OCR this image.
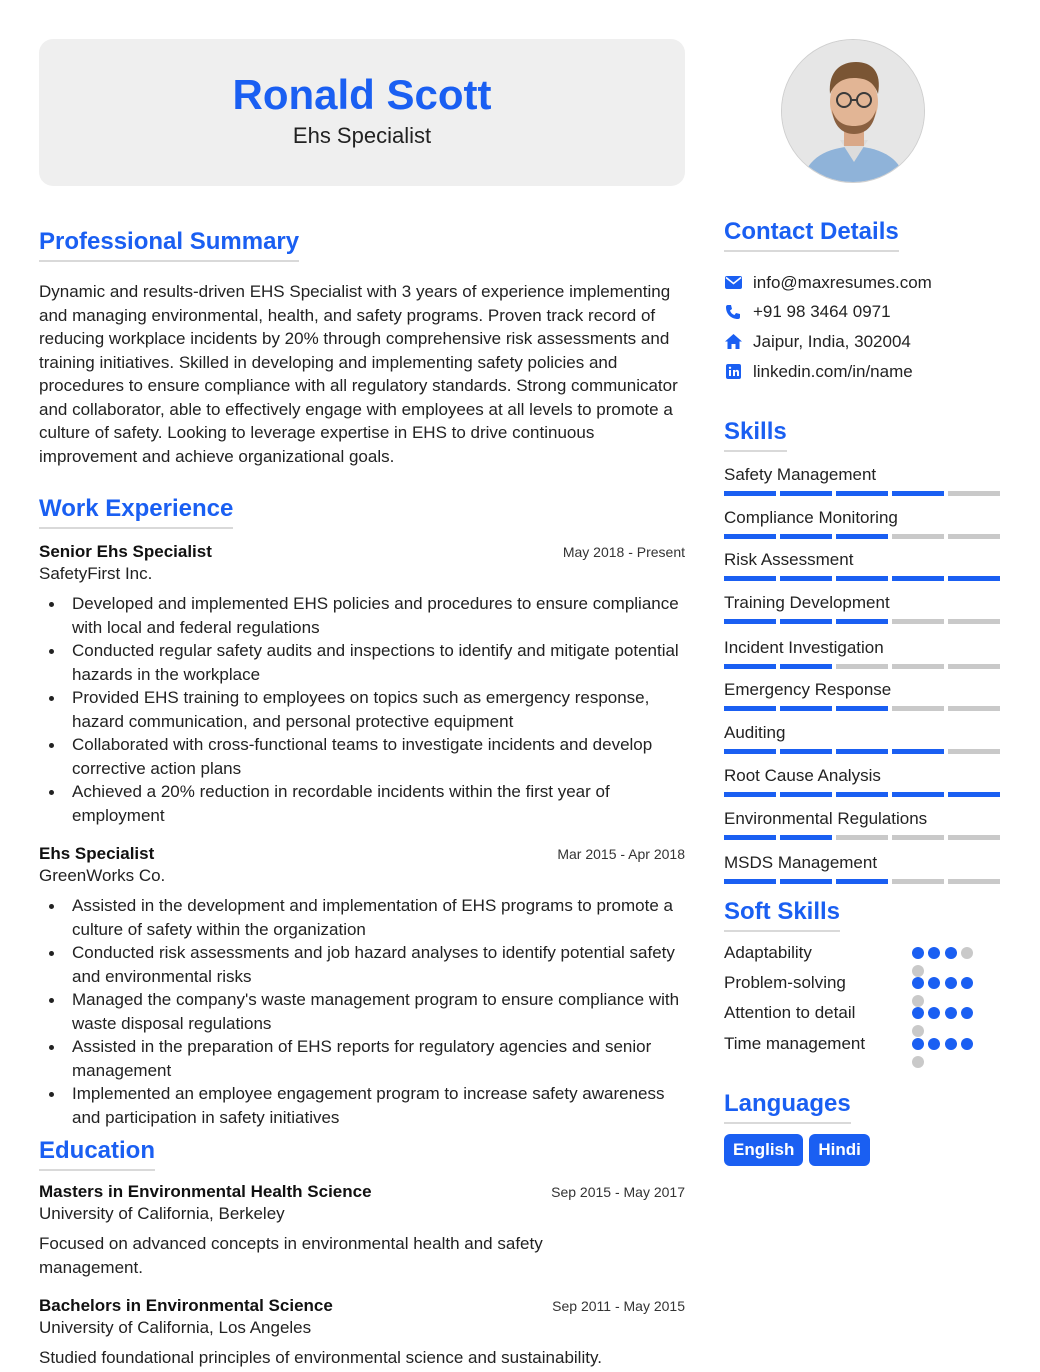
Ronald Scott
Ehs Specialist
Professional Summary
Dynamic and results-driven EHS Specialist with 3 years of experience implementing and managing environmental, health, and safety programs. Proven track record of reducing workplace incidents by 20% through comprehensive risk assessments and training initiatives. Skilled in developing and implementing safety policies and procedures to ensure compliance with all regulatory standards. Strong communicator and collaborator, able to effectively engage with employees at all levels to promote a culture of safety. Looking to leverage expertise in EHS to drive continuous improvement and achieve organizational goals.
Work Experience
Senior Ehs Specialist	May 2018 - Present
SafetyFirst Inc.
Developed and implemented EHS policies and procedures to ensure compliance with local and federal regulations
Conducted regular safety audits and inspections to identify and mitigate potential hazards in the workplace
Provided EHS training to employees on topics such as emergency response, hazard communication, and personal protective equipment
Collaborated with cross-functional teams to investigate incidents and develop corrective action plans
Achieved a 20% reduction in recordable incidents within the first year of employment
Ehs Specialist	Mar 2015 - Apr 2018
GreenWorks Co.
Assisted in the development and implementation of EHS programs to promote a culture of safety within the organization
Conducted risk assessments and job hazard analyses to identify potential safety and environmental risks
Managed the company's waste management program to ensure compliance with waste disposal regulations
Assisted in the preparation of EHS reports for regulatory agencies and senior management
Implemented an employee engagement program to increase safety awareness and participation in safety initiatives
Education
Masters in Environmental Health Science	Sep 2015 - May 2017
University of California, Berkeley
Focused on advanced concepts in environmental health and safety management.
Bachelors in Environmental Science	Sep 2011 - May 2015
University of California, Los Angeles
Studied foundational principles of environmental science and sustainability.
Contact Details
info@maxresumes.com
+91 98 3464 0971
Jaipur, India, 302004
linkedin.com/in/name
Skills
Safety Management
Compliance Monitoring
Risk Assessment
Training Development
Incident Investigation
Emergency Response
Auditing
Root Cause Analysis
Environmental Regulations
MSDS Management
Soft Skills
Adaptability
Problem-solving
Attention to detail
Time management
Languages
English	Hindi
